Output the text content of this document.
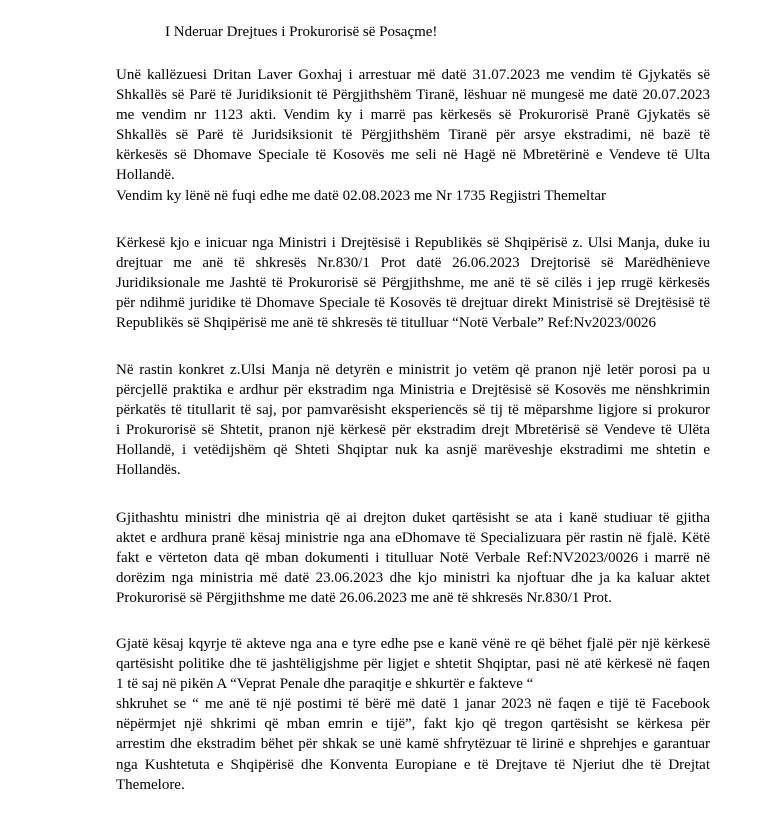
I Nderuar Drejtues i Prokurorisë së Posaçme!
Unë kallëzuesi Dritan Laver Goxhaj i arrestuar më datë 31.07.2023 me vendim të Gjykatës së
Shkallës së Parë të Juridiksionit të Përgjithshëm Tiranë, lëshuar në mungesë me datë 20.07.2023
me vendim nr 1123 akti. Vendim ky i marrë pas kërkesës së Prokurorisë Pranë Gjykatës së
Shkallës së Parë të Juridsiksionit të Përgjithshëm Tiranë për arsye ekstradimi, në bazë të
kërkesës së Dhomave Speciale të Kosovës me seli në Hagë në Mbretërinë e Vendeve të Ulta
Hollandë.
Vendim ky lënë në fuqi edhe me datë 02.08.2023 me Nr 1735 Regjistri Themeltar
Kërkesë kjo e inicuar nga Ministri i Drejtësisë i Republikës së Shqipërisë z. Ulsi Manja, duke iu
drejtuar me anë të shkresës Nr.830/1 Prot datë 26.06.2023 Drejtorisë së Marëdhënieve
Juridiksionale me Jashtë të Prokurorisë së Përgjithshme, me anë të së cilës i jep rrugë kërkesës
për ndihmë juridike të Dhomave Speciale të Kosovës të drejtuar direkt Ministrisë së Drejtësisë të
Republikës së Shqipërisë me anë të shkresës të titulluar “Notë Verbale” Ref:Nv2023/0026
Në rastin konkret z.Ulsi Manja në detyrën e ministrit jo vetëm që pranon një letër porosi pa u
përcjellë praktika e ardhur për ekstradim nga Ministria e Drejtësisë së Kosovës me nënshkrimin
përkatës të titullarit të saj, por pamvarësisht eksperiencës së tij të mëparshme ligjore si prokuror
i Prokurorisë së Shtetit, pranon një kërkesë për ekstradim drejt Mbretërisë së Vendeve të Ulëta
Hollandë, i vetëdijshëm që Shteti Shqiptar nuk ka asnjë marëveshje ekstradimi me shtetin e
Hollandës.
Gjithashtu ministri dhe ministria që ai drejton duket qartësisht se ata i kanë studiuar të gjitha
aktet e ardhura pranë kësaj ministrie nga ana eDhomave të Specializuara për rastin në fjalë. Këtë
fakt e vërteton data që mban dokumenti i titulluar Notë Verbale Ref:NV2023/0026 i marrë në
dorëzim nga ministria më datë 23.06.2023 dhe kjo ministri ka njoftuar dhe ja ka kaluar aktet
Prokurorisë së Përgjithshme me datë 26.06.2023 me anë të shkresës Nr.830/1 Prot.
Gjatë kësaj kqyrje të akteve nga ana e tyre edhe pse e kanë vënë re që bëhet fjalë për një kërkesë
qartësisht politike dhe të jashtëligjshme për ligjet e shtetit Shqiptar, pasi në atë kërkesë në faqen
1 të saj në pikën A “Veprat Penale dhe paraqitje e shkurtër e fakteve “
shkruhet se “ me anë të një postimi të bërë më datë 1 janar 2023 në faqen e tijë të Facebook
nëpërmjet një shkrimi që mban emrin e tijë”, fakt kjo që tregon qartësisht se kërkesa për
arrestim dhe ekstradim bëhet për shkak se unë kamë shfrytëzuar të lirinë e shprehjes e garantuar
nga Kushtetuta e Shqipërisë dhe Konventa Europiane e të Drejtave të Njeriut dhe të Drejtat
Themelore.
